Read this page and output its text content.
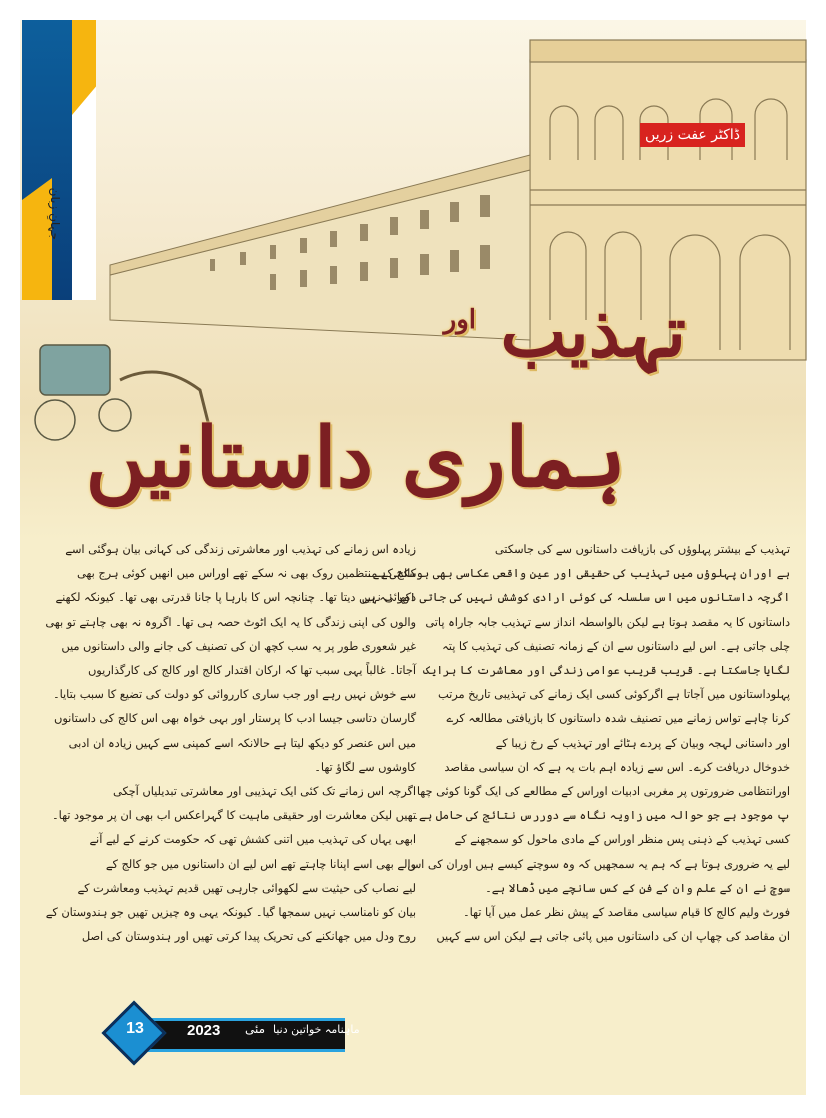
جہانِ زبان
ڈاکٹر عفت زریں
تہذیب
اور
ہماری داستانیں
تہذیب کے بیشتر پہلوؤں کی بازیافت داستانوں سے کی جاسکتی
ہے اوران پہلوؤں میں تہذیب کی حقیقی اور عین واقعی عکاسی بھی ہوسکتی ہے۔
اگرچہ داستانوں میں اس سلسلہ کی کوئی ارادی کوشش نہیں کی جاتی اور نہ ہی
داستانوں کا یہ مقصد ہوتا ہے لیکن بالواسطہ انداز سے تہذیب جابہ جاراہ پاتی
چلی جاتی ہے۔ اس لیے داستانوں سے ان کے زمانہ تصنیف کی تہذیب کا پتہ
لگایا جاسکتا ہے۔ قریب قریب عوامی زندگی اور معاشرت کا ہرایک
پہلوداستانوں میں آجاتا ہے اگرکوئی کسی ایک زمانے کی تہذیبی تاریخ مرتب
کرنا چاہے تواس زمانے میں تصنیف شدہ داستانوں کا بازیافتی مطالعہ کرے
اور داستانی لہجہ وبیان کے پردے ہٹائے اور تہذیب کے رخ زیبا کے
خدوخال دریافت کرے۔ اس سے زیادہ اہم بات یہ ہے کہ ان سیاسی مقاصد
اورانتظامی ضرورتوں پر مغربی ادبیات اوراس کے مطالعے کی ایک گونا کوئی چھا
پ موجود ہے جو حوالہ میں زاویہ نگاہ سے دوررس نتائج کی حامل ہے۔
کسی تہذیب کے ذہنی پس منظر اوراس کے مادی ماحول کو سمجھنے کے
لیے یہ ضروری ہوتا ہے کہ ہم یہ سمجھیں کہ وہ سوچتے کیسے ہیں اوران کی اس
سوچ نے ان کے علم وان کے فن کے کس سانچے میں ڈھالا ہے۔
فورٹ ولیم کالج کا قیام سیاسی مقاصد کے پیش نظر عمل میں آیا تھا۔
ان مقاصد کی چھاپ ان کی داستانوں میں پائی جاتی ہے لیکن اس سے کہیں
زیادہ اس زمانے کی تہذیب اور معاشرتی زندگی کی کہانی بیان ہوگئی اسے
کالج کے منتظمین روک بھی نہ سکے تھے اوراس میں انھیں کوئی ہرج بھی
دکھائی نہیں دیتا تھا۔ چنانچہ اس کا بارہا پا جانا قدرتی بھی تھا۔ کیونکہ لکھنے
والوں کی اپنی زندگی کا یہ ایک اٹوٹ حصہ ہی تھا۔ اگروہ نہ بھی چاہتے تو بھی
غیر شعوری طور پر یہ سب کچھ ان کی تصنیف کی جانے والی داستانوں میں
آجاتا۔ غالباً یہی سبب تھا کہ ارکان اقتدار کالج اور کالج کی کارگذاریوں
سے خوش نہیں رہے اور جب ساری کارروائی کو دولت کی تضیع کا سبب بتایا۔
گارسان دتاسی جیسا ادب کا پرستار اور بہی خواہ بھی اس کالج کی داستانوں
میں اس عنصر کو دیکھ لیتا ہے حالانکہ اسے کمپنی سے کہیں زیادہ ان ادبی
کاوشوں سے لگاؤ تھا۔
اگرچہ اس زمانے تک کئی ایک تہذیبی اور معاشرتی تبدیلیاں آچکی
تھیں لیکن معاشرت اور حقیقی ماہیت کا گہراعکس اب بھی ان پر موجود تھا۔
ابھی یہاں کی تہذیب میں اتنی کشش تھی کہ حکومت کرنے کے لیے آنے
والے بھی اسے اپنانا چاہتے تھے اس لیے ان داستانوں میں جو کالج کے
لیے نصاب کی حیثیت سے لکھوائی جارہی تھیں قدیم تہذیب ومعاشرت کے
بیان کو نامناسب نہیں سمجھا گیا۔ کیونکہ یہی وہ چیزیں تھیں جو ہندوستان کے
روح ودل میں جھانکنے کی تحریک پیدا کرتی تھیں اور ہندوستان کی اصل
13	2023 مئی ماہنامہ خواتین دنیا
